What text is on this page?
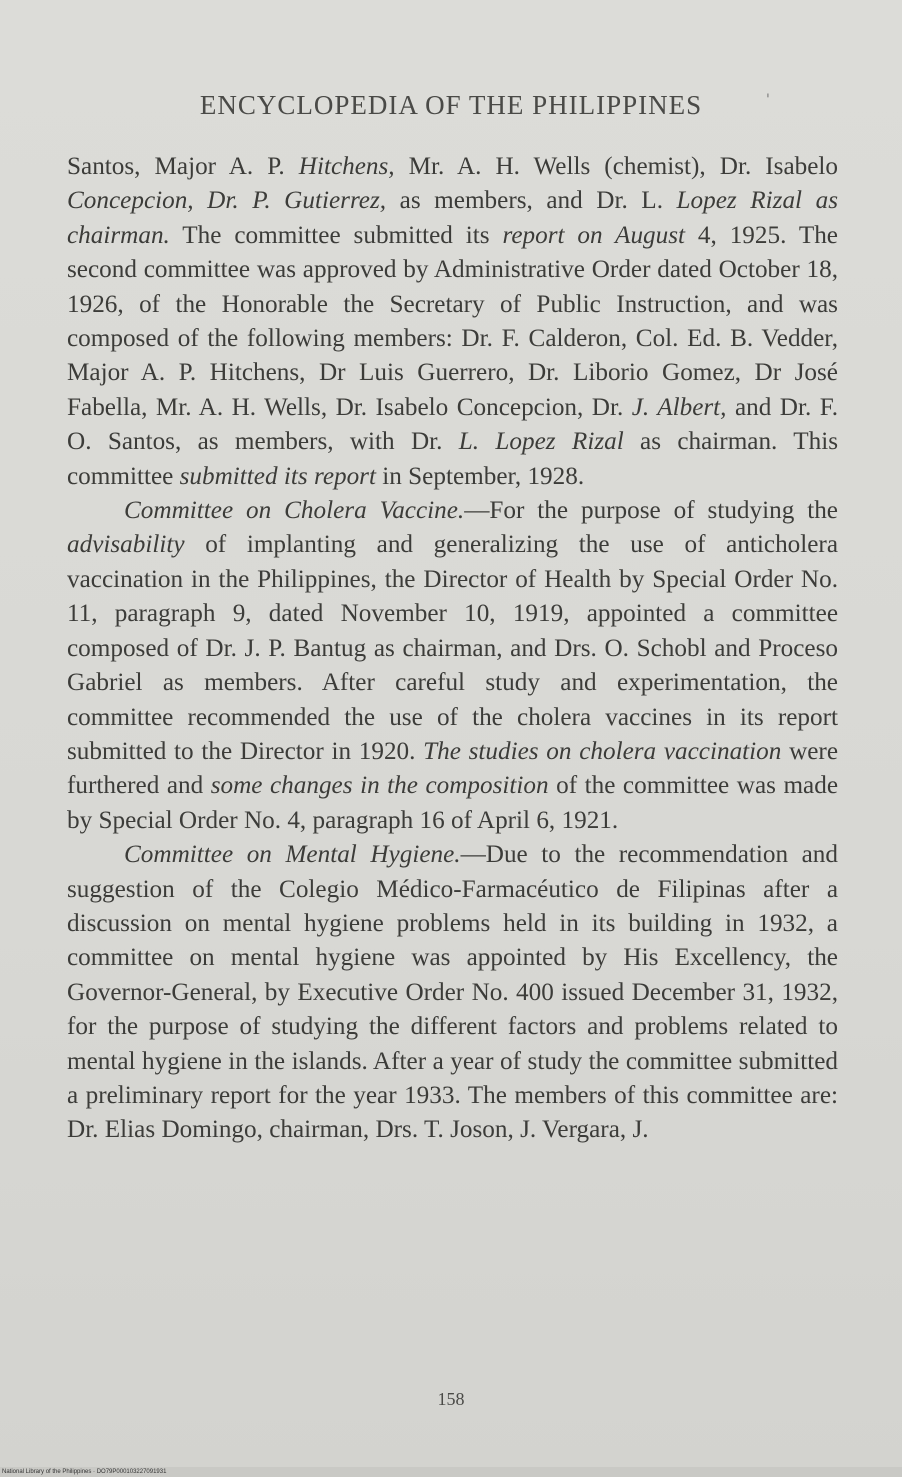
ENCYCLOPEDIA OF THE PHILIPPINES	'

Santos, Major A. P. Hitchens, Mr. A. H. Wells (chemist), Dr. Isabelo Concepcion, Dr. P. Gutierrez, as members, and Dr. L. Lopez Rizal as chairman. The committee submitted its report on August 4, 1925. The second committee was approved by Administrative Order dated October 18, 1926, of the Honorable the Secretary of Public Instruction, and was composed of the following members: Dr. F. Calderon, Col. Ed. B. Vedder, Major A. P. Hitchens, Dr Luis Guerrero, Dr. Liborio Gomez, Dr José Fabella, Mr. A. H. Wells, Dr. Isabelo Concepcion, Dr. J. Albert, and Dr. F. O. Santos, as members, with Dr. L. Lopez Rizal as chairman. This committee submitted its report in September, 1928.

Committee on Cholera Vaccine.—For the purpose of studying the advisability of implanting and generalizing the use of anticholera vaccination in the Philippines, the Director of Health by Special Order No. 11, paragraph 9, dated November 10, 1919, appointed a committee composed of Dr. J. P. Bantug as chairman, and Drs. O. Schobl and Proceso Gabriel as members. After careful study and experimentation, the committee recommended the use of the cholera vaccines in its report submitted to the Director in 1920. The studies on cholera vaccination were furthered and some changes in the composition of the committee was made by Special Order No. 4, paragraph 16 of April 6, 1921.

Committee on Mental Hygiene.—Due to the recommendation and suggestion of the Colegio Médico-Farmacéutico de Filipinas after a discussion on mental hygiene problems held in its building in 1932, a committee on mental hygiene was appointed by His Excellency, the Governor-General, by Executive Order No. 400 issued December 31, 1932, for the purpose of studying the different factors and problems related to mental hygiene in the islands. After a year of study the committee submitted a preliminary report for the year 1933. The members of this committee are: Dr. Elias Domingo, chairman, Drs. T. Joson, J. Vergara, J.

158
National Library of the Philippines · DO79P000103227091931
